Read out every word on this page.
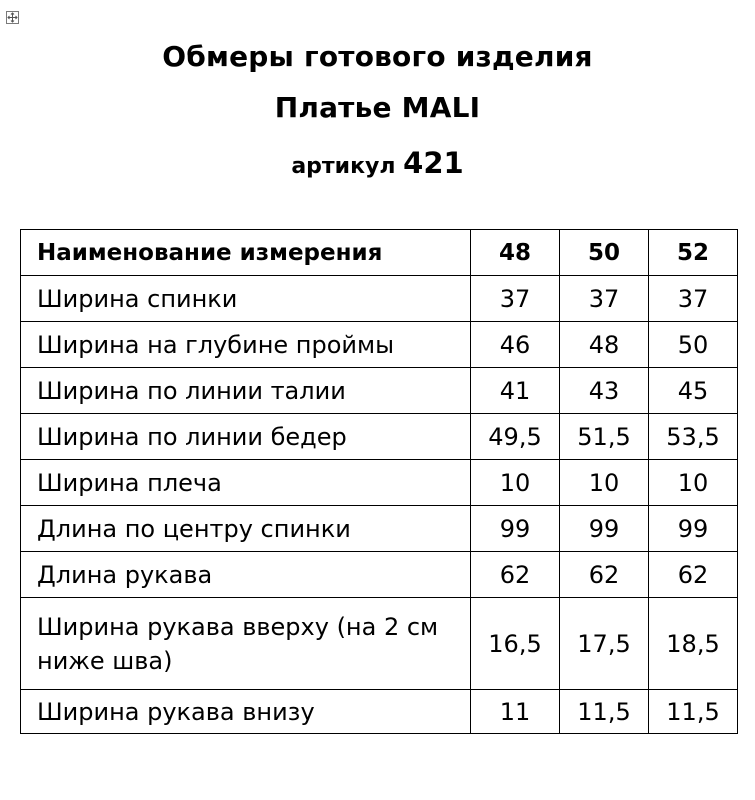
Обмеры готового изделия
Платье MALI
артикул 421
Наименование измерения	48	50	52
Ширина спинки	37	37	37
Ширина на глубине проймы	46	48	50
Ширина по линии талии	41	43	45
Ширина по линии бедер	49,5	51,5	53,5
Ширина плеча	10	10	10
Длина по центру спинки	99	99	99
Длина рукава	62	62	62
Ширина рукава вверху (на 2 см ниже шва)	16,5	17,5	18,5
Ширина рукава внизу	11	11,5	11,5
